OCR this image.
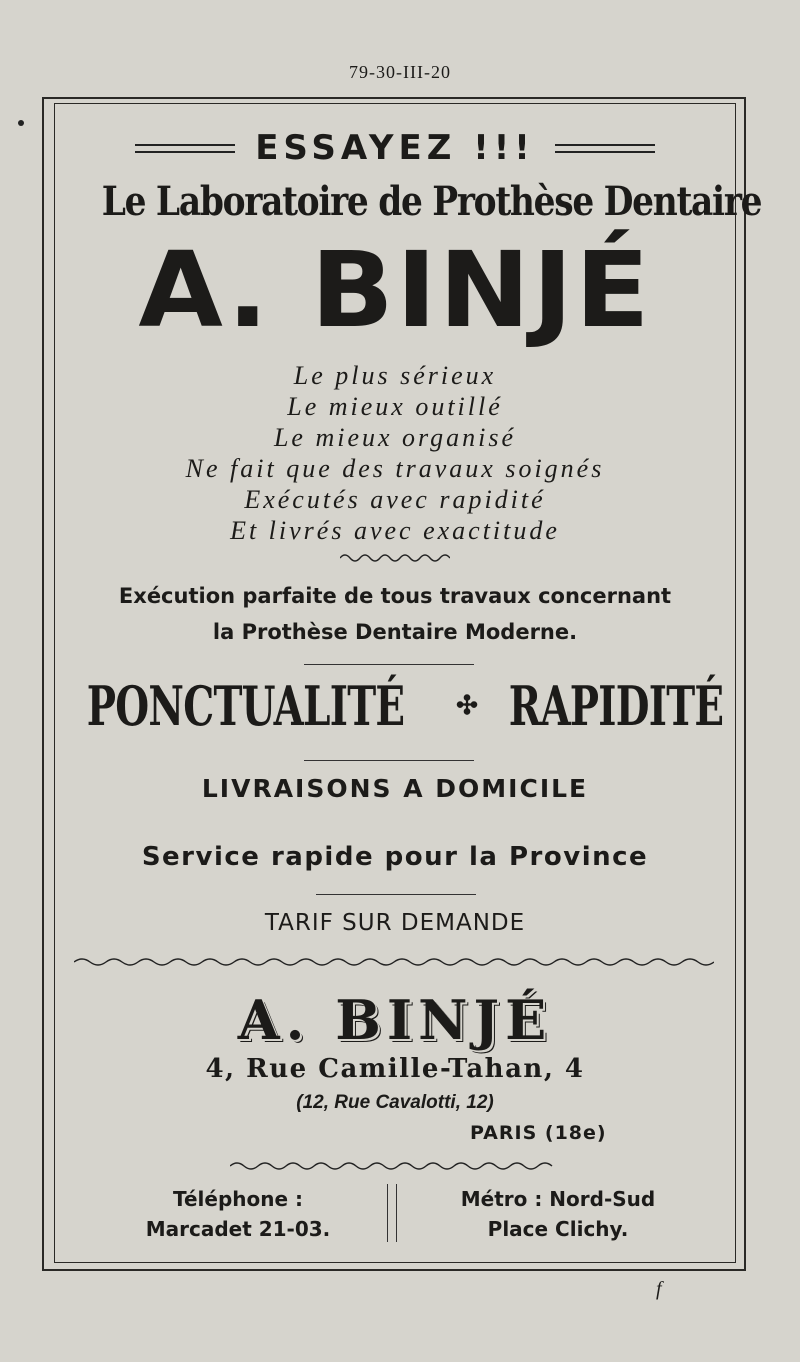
79-30-III-20
ESSAYEZ !!!
Le Laboratoire de Prothèse Dentaire
A. BINJÉ
Le plus sérieux
Le mieux outillé
Le mieux organisé
Ne fait que des travaux soignés
Exécutés avec rapidité
Et livrés avec exactitude
Exécution parfaite de tous travaux concernant
la Prothèse Dentaire Moderne.
PONCTUALITÉ ✣ RAPIDITÉ
LIVRAISONS A DOMICILE
Service rapide pour la Province
TARIF SUR DEMANDE
A. BINJÉ
4, Rue Camille-Tahan, 4
(12, Rue Cavalotti, 12)
PARIS (18e)
Téléphone :
Marcadet 21-03.
Métro : Nord-Sud
Place Clichy.
f
